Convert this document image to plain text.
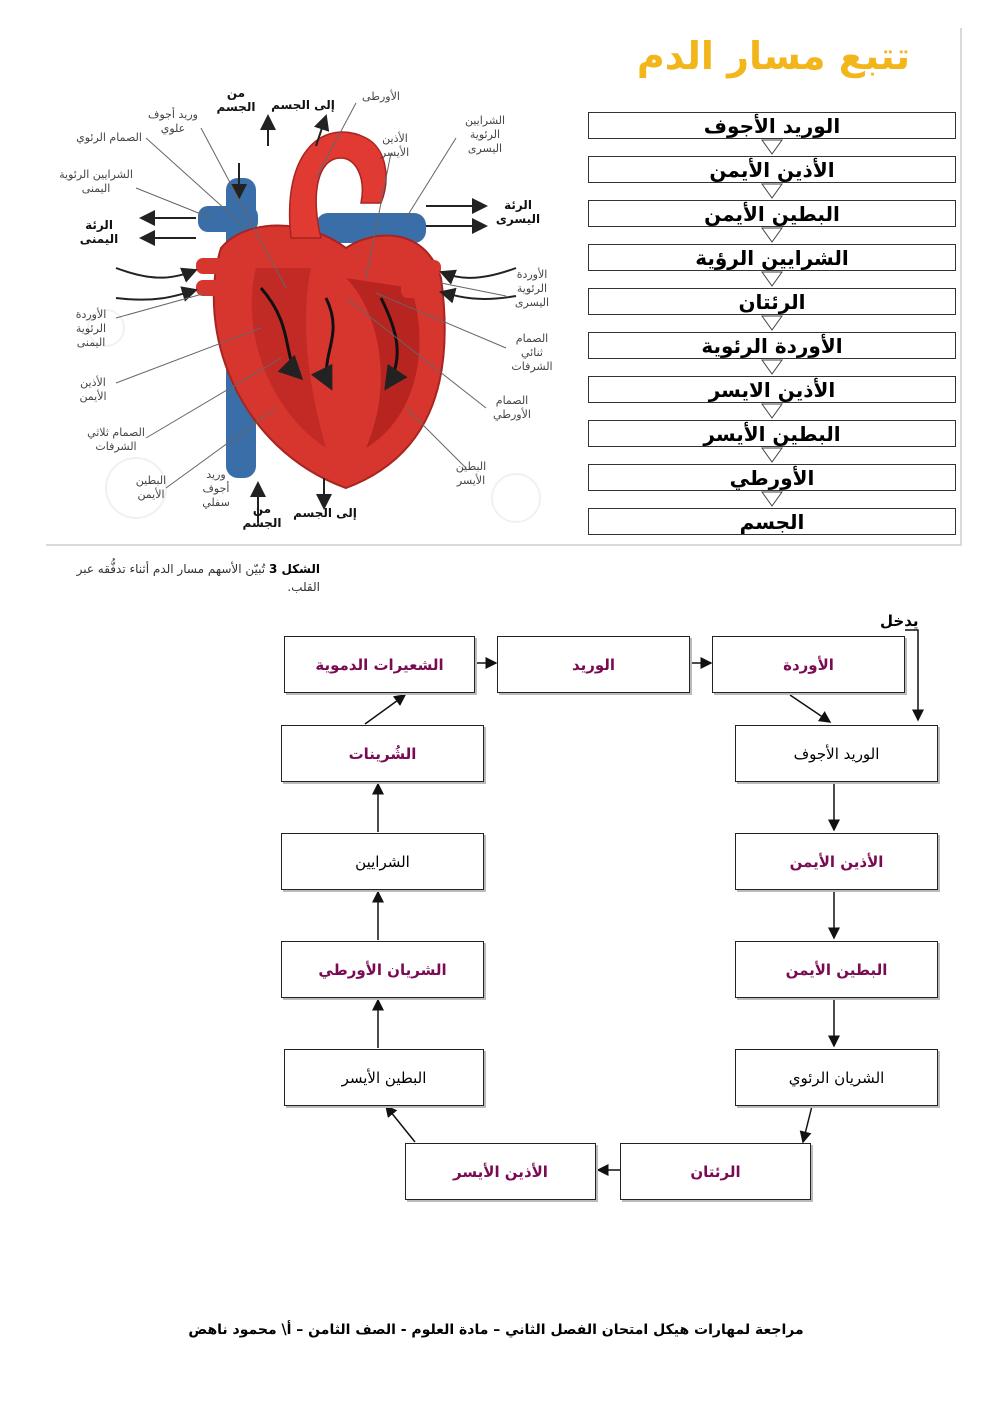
الأورطى
إلى الجسم
من
الجسم
وريد أجوف
علوي
الصمام الرئوي
الشرايين الرئوية
اليمنى
الرئة
اليمنى
الأوردة
الرئوية
اليمنى
الأذين
الأيمن
الصمام ثلاثي
الشرفات
البطين
الأيمن
وريد
أجوف
سفلي	من
الجسم
إلى الجسم
البطين
الأيسر
الصمام
الأورطي
الصمام
ثنائي
الشرفات
الأوردة
الرئوية
اليسرى
الرئة
اليسرى
الشرايين
الرئوية
اليسرى
الأذين
الأيسر
تتبع مسار الدم
الوريد الأجوف
الأذين الأيمن
البطين الأيمن
الشرايين الرؤية
الرئتان
الأوردة الرئوية
الأذين الايسر
البطين الأيسر
الأورطي
الجسم
الشكل 3 تُبيّن الأسهم مسار الدم أثناء تدفُّقه عبر القلب.
يدخل
الشعيرات الدموية	الوريد	الأوردة
الشُرينات	الوريد الأجوف
الشرايين	الأذين الأيمن
الشريان الأورطي	البطين الأيمن
البطين الأيسر	الشريان الرئوي
الأذين الأيسر	الرئتان
مراجعة لمهارات هيكل امتحان الفصل الثاني – مادة العلوم - الصف الثامن – أ\ محمود ناهض
